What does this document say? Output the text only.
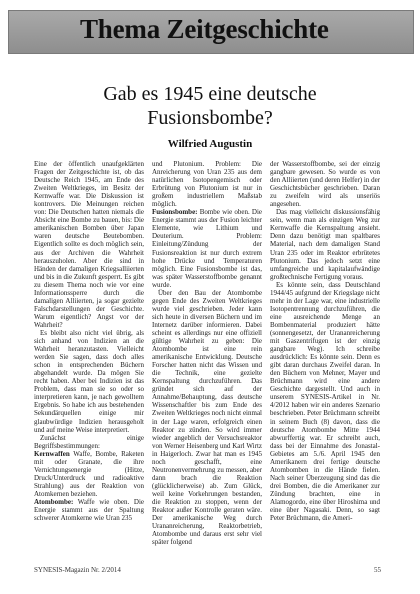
Thema Zeitgeschichte
Gab es 1945 eine deutsche Fusionsbombe?
Wilfried Augustin

Eine der öffentlich unaufgeklärten Fragen der Zeitgeschichte ist, ob das Deutsche Reich 1945, am Ende des Zweiten Weltkrieges, im Besitz der Kernwaffe war. Die Diskussion ist kontrovers. Die Meinungen reichen von: Die Deutschen hatten niemals die Absicht eine Bombe zu bauen, bis: Die amerikanischen Bomben über Japan waren deutsche Beutebomben. Eigentlich sollte es doch möglich sein, aus der Archiven die Wahrheit herauszuholen. Aber die sind in Händen der damaligen Kriegsalliierten und bis in die Zukunft gesperrt. Es gibt zu diesem Thema noch wie vor eine Informationssperre durch die damaligen Alliierten, ja sogar gezielte Falschdarstellungen der Geschichte. Warum eigentlich? Angst vor der Wahrheit?

Es bleibt also nicht viel übrig, als sich anhand von Indizien an die Wahrheit heranzutasten. Vielleicht werden Sie sagen, dass doch alles schon in entsprechenden Büchern abgehandelt wurde. Da mögen Sie recht haben. Aber bei Indizien ist das Problem, dass man sie so oder so interpretieren kann, je nach gewolltem Ergebnis. So habe ich aus bestehenden Sekundärquellen einige mir glaubwürdige Indizien herausgeholt und auf meine Weise interpretiert.

Zunächst einige Begriffsbestimmungen:

Kernwaffen Waffe, Bombe, Raketen mit oder Granate, die ihre Vernichtungsenergie (Hitze, Druck/Unterdruck und radioaktive Strahlung) aus der Reaktion von Atomkernen beziehen.

Atombombe: Waffe wie oben. Die Energie stammt aus der Spaltung schwerer Atomkerne wie Uran 235

und Plutonium. Problem: Die Anreicherung von Uran 235 aus dem natürlichen Isotopengemisch oder Erbrütung von Plutonium ist nur in großem industriellem Maßstab möglich.

Fusionsbombe: Bombe wie oben. Die Energie stammt aus der Fusion leichter Elemente, wie Lithium und Deuterium. Problem: Einleitung/Zündung der Fusionsreaktion ist nur durch extrem hohe Drücke und Temperaturen möglich. Eine Fusionsbombe ist das, was später Wasserstoffbombe genannt wurde.

Über den Bau der Atombombe gegen Ende des Zweiten Weltkrieges wurde viel geschrieben. Jeder kann sich heute in diversen Büchern und im Internetz darüber informieren. Dabei scheint es allerdings nur eine offiziell gültige Wahrheit zu geben: Die Atombombe ist eine rein amerikanische Entwicklung. Deutsche Forscher hatten nicht das Wissen und die Technik, eine gezielte Kernspaltung durchzuführen. Das gründet sich auf der Annahme/Behauptung, dass deutsche Wissenschaftler bis zum Ende des Zweiten Weltkrieges noch nicht einmal in der Lage waren, erfolgreich einen Reaktor zu zünden. So wird immer wieder angeblich der Versuchsreaktor von Werner Heisenberg und Karl Wirtz in Haigerloch. Zwar hat man es 1945 noch geschafft, eine Neutronenvermehrung zu messen, aber dann brach die Reaktion (glücklicherweise) ab. Zum Glück, weil keine Vorkehrungen bestanden, die Reaktion zu stoppen, wenn der Reaktor außer Kontrolle geraten wäre. Der amerikanische Weg durch Urananreicherung, Reaktorbetrieb, Atombombe und daraus erst sehr viel später folgend

der Wasserstoffbombe, sei der einzig gangbare gewesen. So wurde es von den Alliierten (und deren Helfer) in der Geschichtsbücher geschrieben. Daran zu zweifeln wird als unseriös angesehen.

Das mag vielleicht diskussionsfähig sein, wenn man als einzigen Weg zur Kernwaffe die Kernspaltung ansieht. Denn dazu benötigt man spaltbares Material, nach dem damaligen Stand Uran 235 oder im Reaktor erbrütetes Plutonium. Das jedoch setzt eine umfangreiche und kapitalaufwändige großtechnische Fertigung voraus.

Es könnte sein, dass Deutschland 1944/45 aufgrund der Kriegslage nicht mehr in der Lage war, eine industrielle Isotopentrennung durchzuführen, die eine ausreichende Menge an Bombenmaterial produziert hätte (sonnengesetzt, der Urananreicherung mit Gaszentrifugen ist der einzig gangbare Weg). Ich schreibe ausdrücklich: Es könnte sein. Denn es gibt daran durchaus Zweifel daran. In den Büchern von Mehner, Mayer und Brüchmann wird eine andere Geschichte dargestellt. Und auch in unserem SYNESIS-Artikel in Nr. 4/2012 haben wir ein anderes Szenario beschrieben. Peter Brüchmann schreibt in seinem Buch (8) davon, dass die deutsche Atombombe Mitte 1944 abwurffertig war. Er schreibt auch, dass bei der Einnahme des Jonastal-Gebietes am 5./6. April 1945 den Amerikanern drei fertige deutsche Atombomben in die Hände fielen. Nach seiner Überzeugung sind das die drei Bomben, die die Amerikaner zur Zündung brachten, eine in Alamogordo, eine über Hiroshima und eine über Nagasaki. Denn, so sagt Peter Brüchmann, die Ameri-

SYNESIS-Magazin Nr. 2/2014	55
